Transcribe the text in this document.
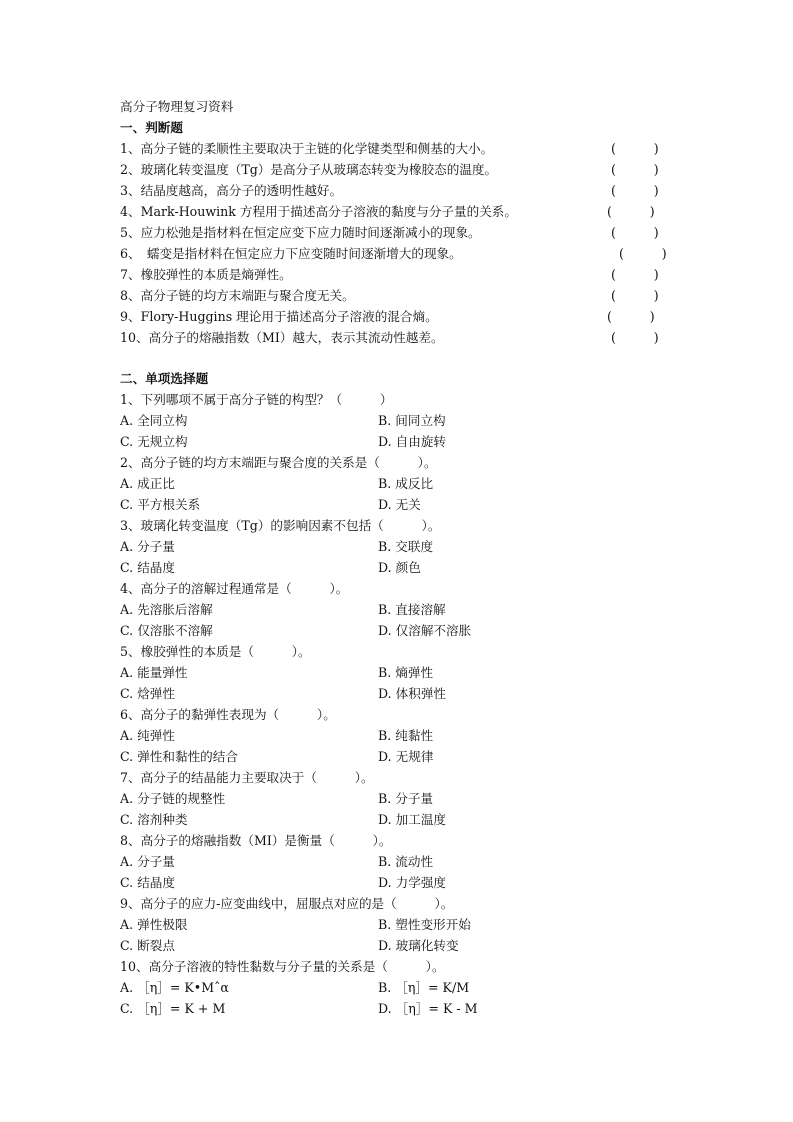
高分子物理复习资料
一、判断题
1、高分子链的柔顺性主要取决于主链的化学键类型和侧基的大小。	(　　　)
2、玻璃化转变温度（Tg）是高分子从玻璃态转变为橡胶态的温度。	(　　　)
3、结晶度越高，高分子的透明性越好。	(　　　)
4、Mark-Houwink 方程用于描述高分子溶液的黏度与分子量的关系。	(　　　)
5、应力松弛是指材料在恒定应变下应力随时间逐渐减小的现象。	(　　　)
6、　蠕变是指材料在恒定应力下应变随时间逐渐增大的现象。	(　　　)
7、橡胶弹性的本质是熵弹性。	(　　　)
8、高分子链的均方末端距与聚合度无关。	(　　　)
9、Flory-Huggins 理论用于描述高分子溶液的混合熵。	(　　　)
10、高分子的熔融指数（MI）越大，表示其流动性越差。	(　　　)
二、单项选择题
1、下列哪项不属于高分子链的构型？（　　　）
A. 全同立构	B. 间同立构
C. 无规立构	D. 自由旋转
2、高分子链的均方末端距与聚合度的关系是（　　　）。
A. 成正比	B. 成反比
C. 平方根关系	D. 无关
3、玻璃化转变温度（Tg）的影响因素不包括（　　　）。
A. 分子量	B. 交联度
C. 结晶度	D. 颜色
4、高分子的溶解过程通常是（　　　）。
A. 先溶胀后溶解	B. 直接溶解
C. 仅溶胀不溶解	D. 仅溶解不溶胀
5、橡胶弹性的本质是（　　　）。
A. 能量弹性	B. 熵弹性
C. 焓弹性	D. 体积弹性
6、高分子的黏弹性表现为（　　　）。
A. 纯弹性	B. 纯黏性
C. 弹性和黏性的结合	D. 无规律
7、高分子的结晶能力主要取决于（　　　）。
A. 分子链的规整性	B. 分子量
C. 溶剂种类	D. 加工温度
8、高分子的熔融指数（MI）是衡量（　　　）。
A. 分子量	B. 流动性
C. 结晶度	D. 力学强度
9、高分子的应力-应变曲线中，屈服点对应的是（　　　）。
A. 弹性极限	B. 塑性变形开始
C. 断裂点	D. 玻璃化转变
10、高分子溶液的特性黏数与分子量的关系是（　　　）。
A. ［η］= K•Mˆα	B. ［η］= K/M
C. ［η］= K + M	D. ［η］= K - M
